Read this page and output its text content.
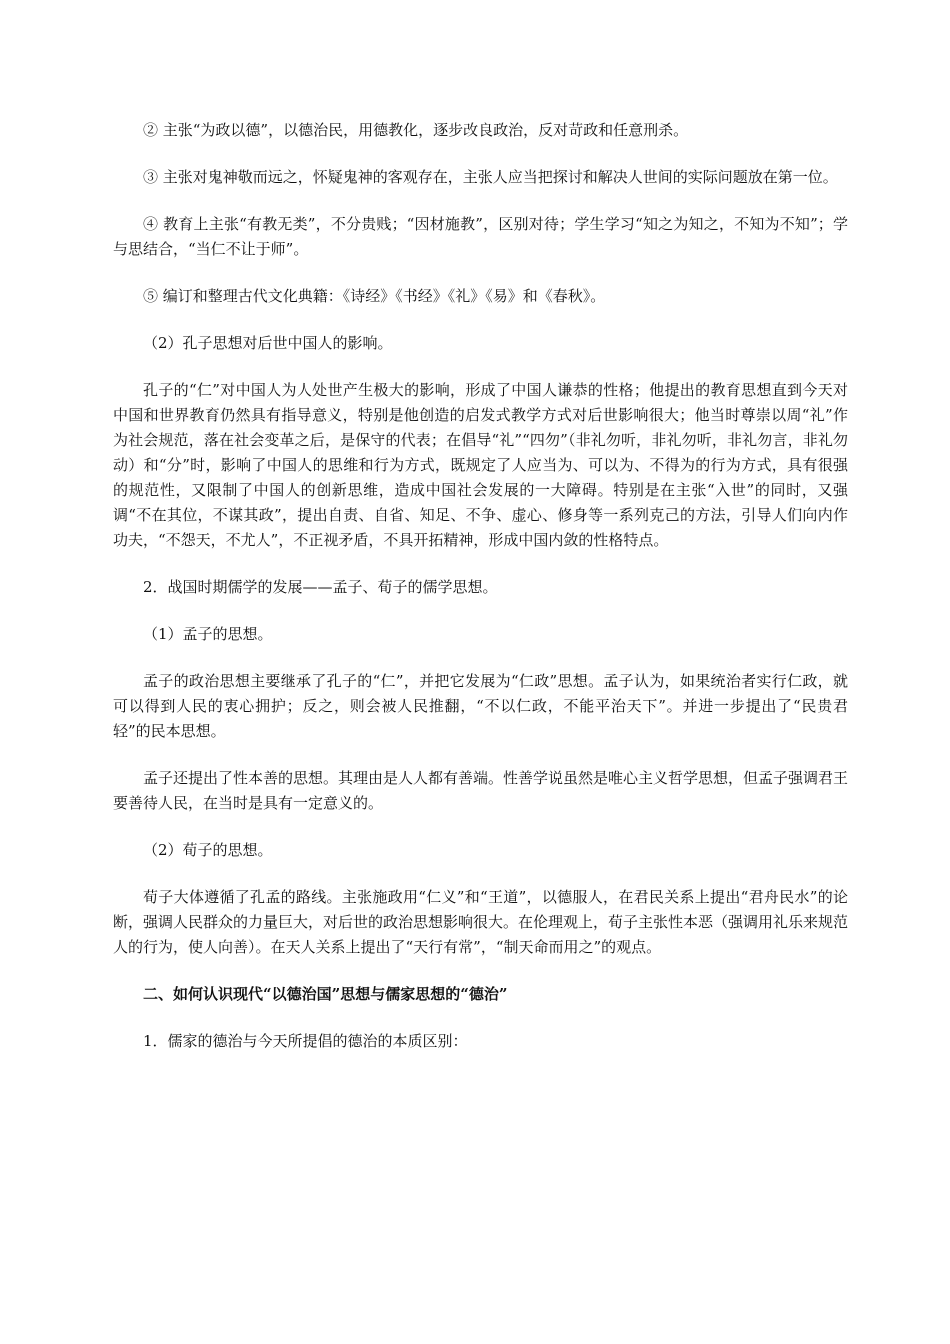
② 主张“为政以德”，以德治民，用德教化，逐步改良政治，反对苛政和任意刑杀。

③ 主张对鬼神敬而远之，怀疑鬼神的客观存在，主张人应当把探讨和解决人世间的实际问题放在第一位。

④ 教育上主张“有教无类”，不分贵贱；“因材施教”，区别对待；学生学习“知之为知之，不知为不知”；学与思结合，“当仁不让于师”。

⑤ 编订和整理古代文化典籍：《诗经》《书经》《礼》《易》和《春秋》。

（2）孔子思想对后世中国人的影响。

孔子的“仁”对中国人为人处世产生极大的影响，形成了中国人谦恭的性格；他提出的教育思想直到今天对中国和世界教育仍然具有指导意义，特别是他创造的启发式教学方式对后世影响很大；他当时尊崇以周“礼”作为社会规范，落在社会变革之后，是保守的代表；在倡导“礼”“四勿”（非礼勿听，非礼勿听，非礼勿言，非礼勿动）和“分”时，影响了中国人的思维和行为方式，既规定了人应当为、可以为、不得为的行为方式，具有很强的规范性，又限制了中国人的创新思维，造成中国社会发展的一大障碍。特别是在主张“入世”的同时，又强调“不在其位，不谋其政”，提出自责、自省、知足、不争、虚心、修身等一系列克己的方法，引导人们向内作功夫，“不怨天，不尤人”，不正视矛盾，不具开拓精神，形成中国内敛的性格特点。

2．战国时期儒学的发展——孟子、荀子的儒学思想。

（1）孟子的思想。

孟子的政治思想主要继承了孔子的“仁”，并把它发展为“仁政”思想。孟子认为，如果统治者实行仁政，就可以得到人民的衷心拥护；反之，则会被人民推翻，“不以仁政，不能平治天下”。并进一步提出了“民贵君轻”的民本思想。

孟子还提出了性本善的思想。其理由是人人都有善端。性善学说虽然是唯心主义哲学思想，但孟子强调君王要善待人民，在当时是具有一定意义的。

（2）荀子的思想。

荀子大体遵循了孔孟的路线。主张施政用“仁义”和“王道”，以德服人，在君民关系上提出“君舟民水”的论断，强调人民群众的力量巨大，对后世的政治思想影响很大。在伦理观上，荀子主张性本恶（强调用礼乐来规范人的行为，使人向善）。在天人关系上提出了“天行有常”，“制天命而用之”的观点。

二、如何认识现代“以德治国”思想与儒家思想的“德治”

1．儒家的德治与今天所提倡的德治的本质区别：
